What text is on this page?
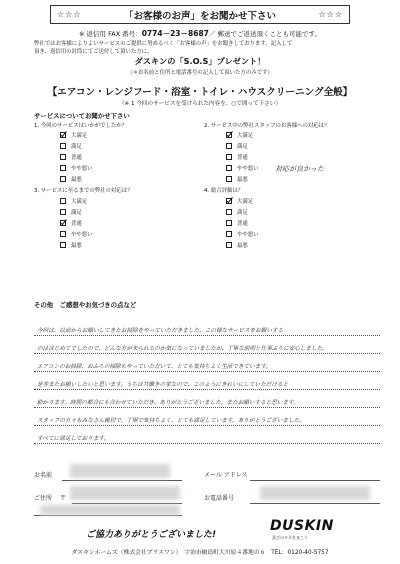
☆☆☆	「お客様のお声」をお聞かせ下さい	☆☆☆
※ 返信用 FAX 番号：0774－23－8687／ 郵送でご返送頂くことも可能です。
弊社ではお客様によりよいサービスのご提供に努めるべく「お客様の声」をお聞きしております。記入して
頂き、返信用の封筒にてご送付して頂いた方に、
ダスキンの「S.O.S」プレゼント！
（＊お名前と住所と電話番号の記入して頂いた方のみです）
【エアコン・レンジフード・浴室・トイレ・ハウスクリーニング全般】
（※ 1 今回のサービスを受けられた内容を、○で囲って下さい）
サービスについてお聞かせ下さい
1. 今回のサービスはいかがでしたか？
大満足
満足
普通
やや悪い
最悪
2. サービス中の弊社スタッフのお客様への対応は？
大満足
満足
普通
やや悪い
最悪
対応が良かった
3. サービスに至るまでの弊社の対応は？
大満足
満足
普通
やや悪い
最悪
4. 総合評価は？
大満足
満足
普通
やや悪い
最悪
その他　ご感想やお気づきの点など
今回は、以前からお願いしてきたお掃除をやっていただきました。この様なサービスをお願いする
のははじめてでしたので、どんな方が来られるのか気になっていましたが、丁寧な説明と仕事ぶりに安心しました。
エアコンのお掃除、おふろの掃除もやっていただいて、とても気持ちよく生活できています。
是非またお願いしたいと思います。うちは共働きの家なので、このようにきれいにしていただけると
助かります。時間の都合にも合わせていただき、ありがとうございました。またお願いすると思います。
スタッフの方々もみなさん親切で、丁寧で気持ちよく、とても満足しています。ありがとうございました。
すべてに満足しております。
お名前	メール アドレス
ご住所 〒	お電話番号
ご協力ありがとうございました!
DUSKIN
喜びのタネをまこう
ダスキンホームズ（株式会社プラスワン）　宇治市槇島町大川原４番地の６　TEL：0120-40-5757
